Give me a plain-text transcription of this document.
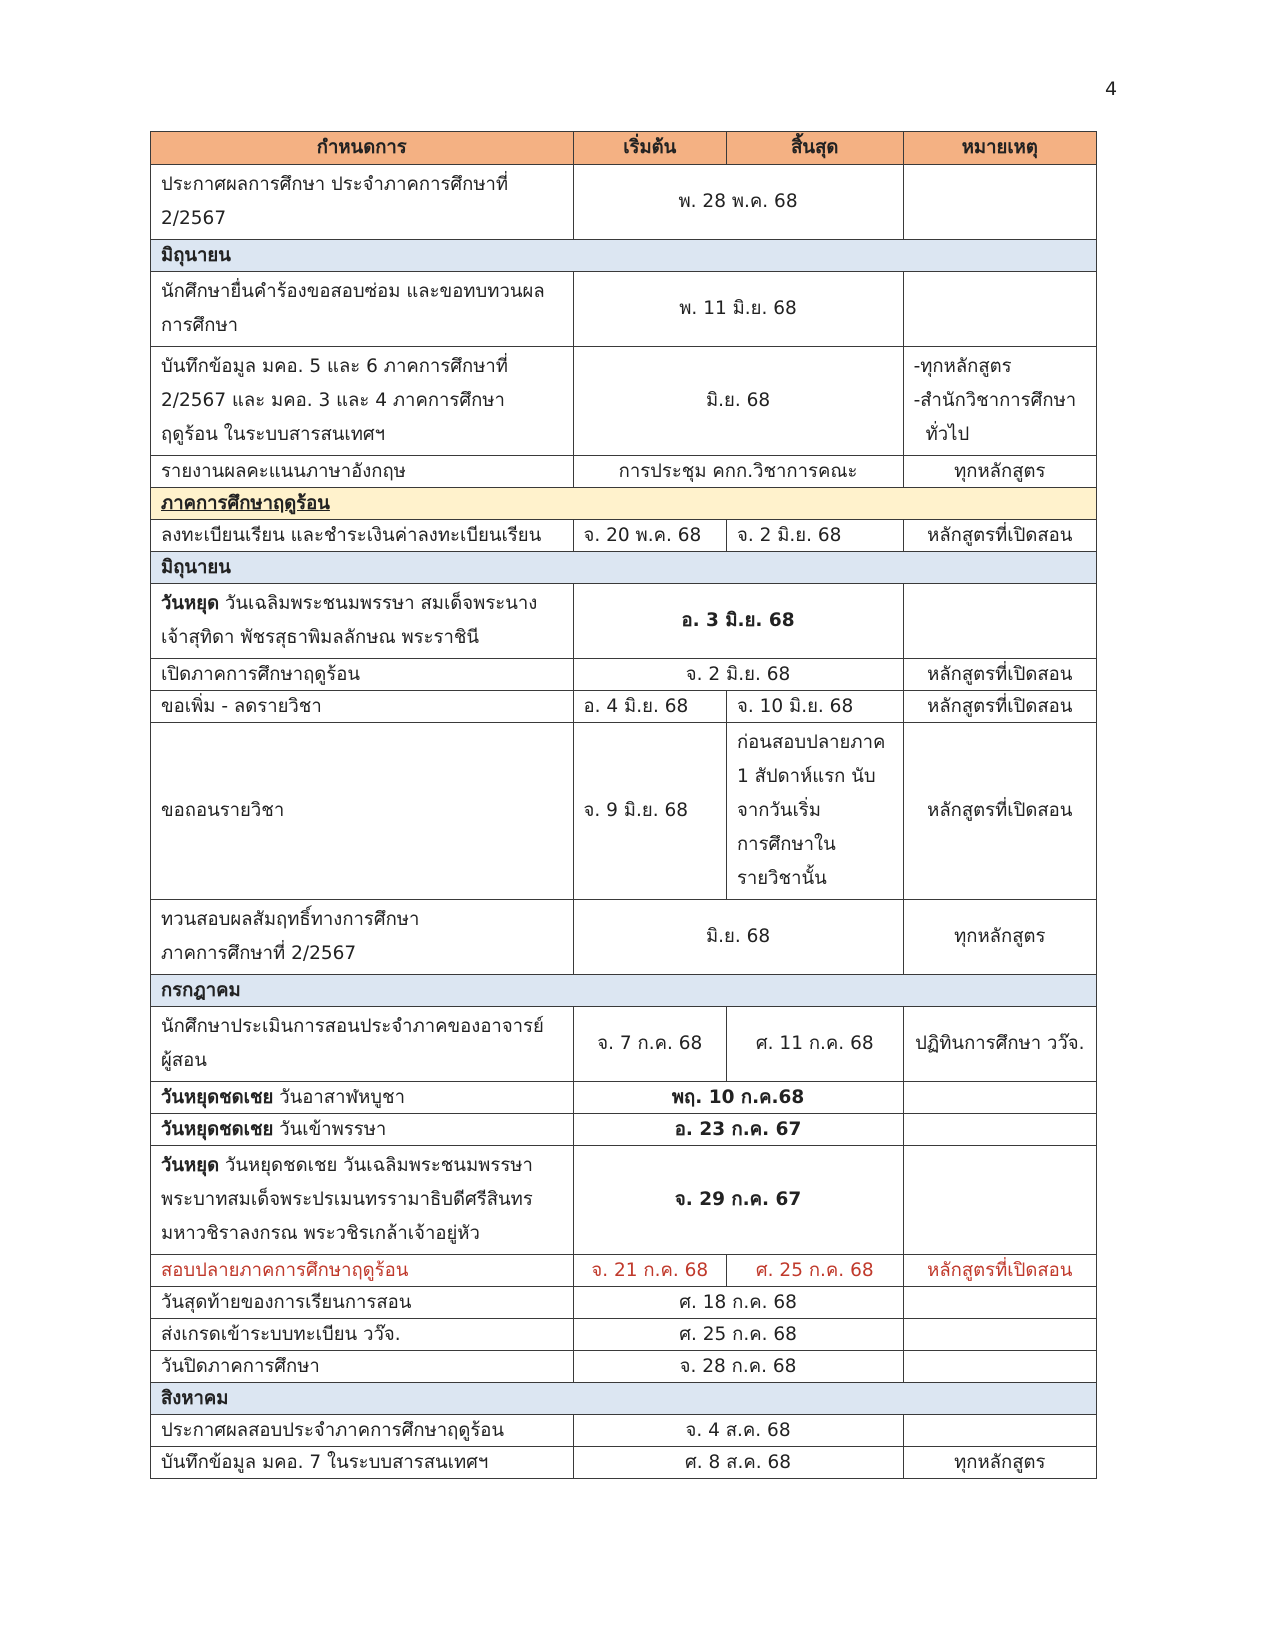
4
กำหนดการ	เริ่มต้น	สิ้นสุด	หมายเหตุ

ประกาศผลการศึกษา ประจำภาคการศึกษาที่
2/2567	พ. 28 พ.ค. 68		
มิถุนายน			

นักศึกษายื่นคำร้องขอสอบซ่อม และขอทบทวนผล
การศึกษา	พ. 11 มิ.ย. 68		

บันทึกข้อมูล มคอ. 5 และ 6 ภาคการศึกษาที่
2/2567 และ มคอ. 3 และ 4 ภาคการศึกษา
ฤดูร้อน ในระบบสารสนเทศฯ	มิ.ย. 68		-ทุกหลักสูตร
-สำนักวิชาการศึกษา
ทั่วไป

รายงานผลคะแนนภาษาอังกฤษ	การประชุม คกก.วิชาการคณะ		ทุกหลักสูตร
ภาคการศึกษาฤดูร้อน			
ลงทะเบียนเรียน และชำระเงินค่าลงทะเบียนเรียน	จ. 20 พ.ค. 68	จ. 2 มิ.ย. 68	หลักสูตรที่เปิดสอน
มิถุนายน			

วันหยุด วันเฉลิมพระชนมพรรษา สมเด็จพระนาง
เจ้าสุทิดา พัชรสุธาพิมลลักษณ พระราชินี	อ. 3 มิ.ย. 68		
เปิดภาคการศึกษาฤดูร้อน	จ. 2 มิ.ย. 68		หลักสูตรที่เปิดสอน
ขอเพิ่ม - ลดรายวิชา	อ. 4 มิ.ย. 68	จ. 10 มิ.ย. 68	หลักสูตรที่เปิดสอน
ขอถอนรายวิชา	จ. 9 มิ.ย. 68	ก่อนสอบปลายภาค
1 สัปดาห์แรก นับ
จากวันเริ่ม
การศึกษาใน
รายวิชานั้น	หลักสูตรที่เปิดสอน

ทวนสอบผลสัมฤทธิ์ทางการศึกษา
ภาคการศึกษาที่ 2/2567	มิ.ย. 68		ทุกหลักสูตร
กรกฎาคม			

นักศึกษาประเมินการสอนประจำภาคของอาจารย์
ผู้สอน	จ. 7 ก.ค. 68	ศ. 11 ก.ค. 68	ปฏิทินการศึกษา วว๊จ.
วันหยุดชดเชย วันอาสาฬหบูชา	พฤ. 10 ก.ค.68		
วันหยุดชดเชย วันเข้าพรรษา	อ. 23 ก.ค. 67		

วันหยุด วันหยุดชดเชย วันเฉลิมพระชนมพรรษา
พระบาทสมเด็จพระปรเมนทรรามาธิบดีศรีสินทร
มหาวชิราลงกรณ พระวชิรเกล้าเจ้าอยู่หัว	จ. 29 ก.ค. 67		
สอบปลายภาคการศึกษาฤดูร้อน	จ. 21 ก.ค. 68	ศ. 25 ก.ค. 68	หลักสูตรที่เปิดสอน
วันสุดท้ายของการเรียนการสอน	ศ. 18 ก.ค. 68		
ส่งเกรดเข้าระบบทะเบียน วว๊จ.	ศ. 25 ก.ค. 68		
วันปิดภาคการศึกษา	จ. 28 ก.ค. 68		
สิงหาคม			
ประกาศผลสอบประจำภาคการศึกษาฤดูร้อน	จ. 4 ส.ค. 68		
บันทึกข้อมูล มคอ. 7 ในระบบสารสนเทศฯ	ศ. 8 ส.ค. 68		ทุกหลักสูตร
